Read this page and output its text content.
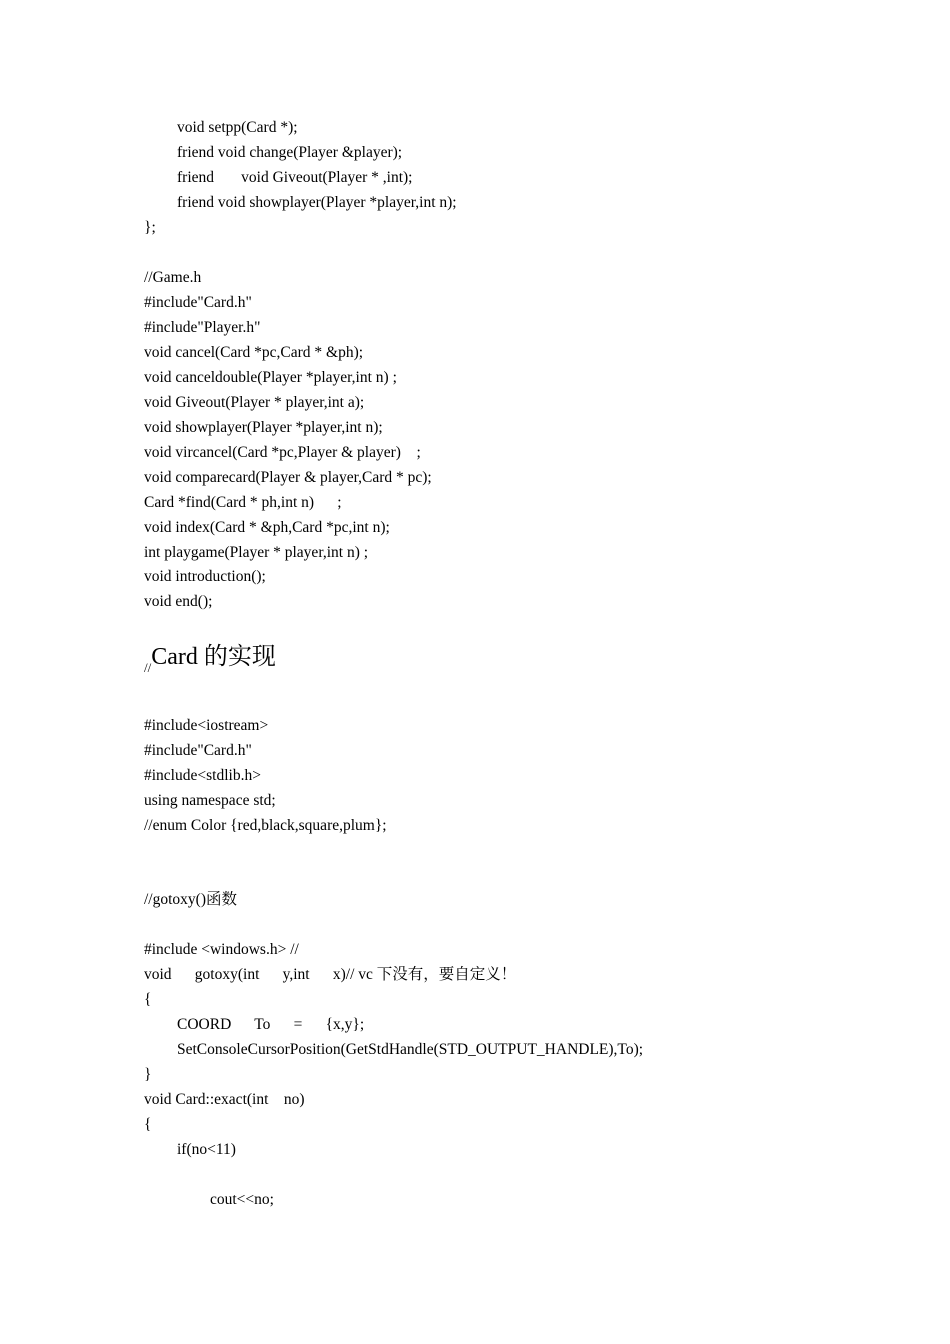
void setpp(Card *);
friend void change(Player &player);
friend       void Giveout(Player * ,int);
friend void showplayer(Player *player,int n);
};
//Game.h
#include"Card.h"
#include"Player.h"
void cancel(Card *pc,Card * &ph);
void canceldouble(Player *player,int n) ;
void Giveout(Player * player,int a);
void showplayer(Player *player,int n);
void vircancel(Card *pc,Player & player)    ;
void comparecard(Player & player,Card * pc);
Card *find(Card * ph,int n)      ;
void index(Card * &ph,Card *pc,int n);
int playgame(Player * player,int n) ;
void introduction();
void end();
$_{//}$Card 的实现
#include<iostream>
#include"Card.h"
#include<stdlib.h>
using namespace std;
//enum Color {red,black,square,plum};
//gotoxy()函数
#include <windows.h> //
void      gotoxy(int      y,int      x)// vc 下没有，要自定义！
{
COORD      To      =      {x,y};
SetConsoleCursorPosition(GetStdHandle(STD_OUTPUT_HANDLE),To);
}
void Card::exact(int    no)
{
if(no<11)
cout<<no;
